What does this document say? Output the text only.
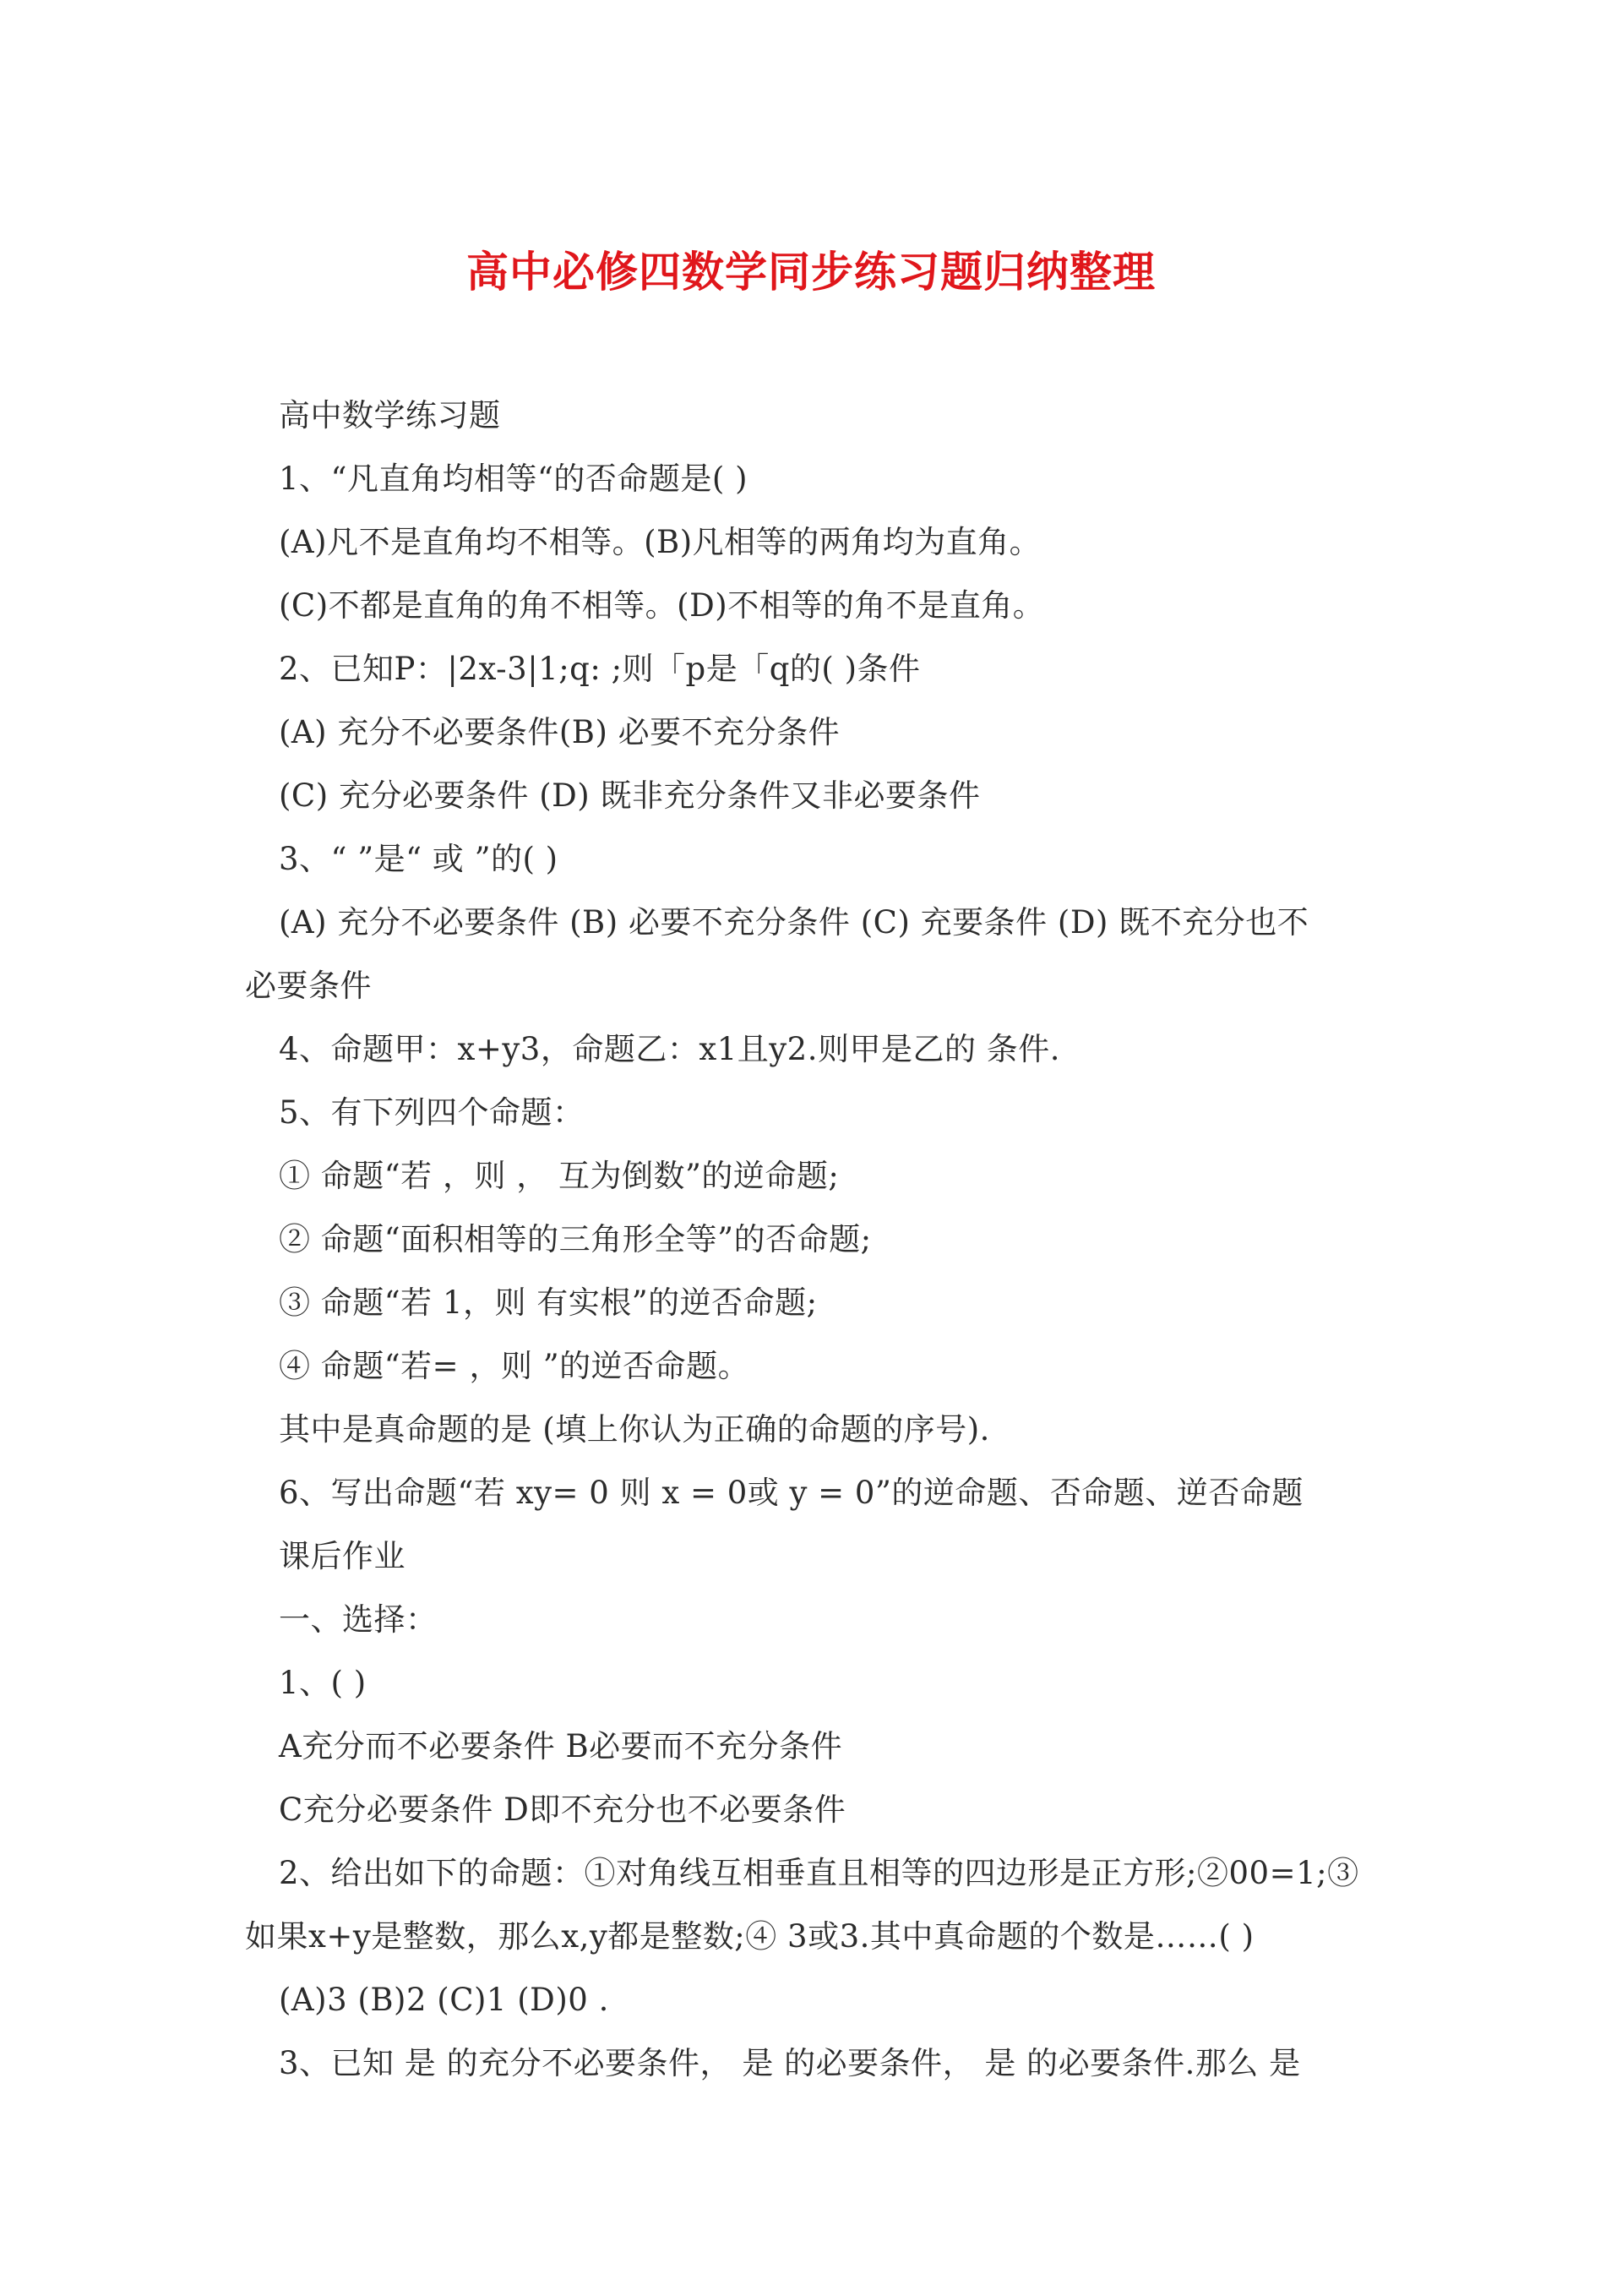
高中必修四数学同步练习题归纳整理
高中数学练习题
1、“凡直角均相等“的否命题是( )
(A)凡不是直角均不相等。(B)凡相等的两角均为直角。
(C)不都是直角的角不相等。(D)不相等的角不是直角。
2、已知P：|2x-3|1;q: ;则「p是「q的( )条件
(A) 充分不必要条件(B) 必要不充分条件
(C) 充分必要条件 (D) 既非充分条件又非必要条件
3、“ ”是“ 或 ”的( )
(A) 充分不必要条件 (B) 必要不充分条件 (C) 充要条件 (D) 既不充分也不
必要条件
4、命题甲：x+y3，命题乙：x1且y2.则甲是乙的 条件.
5、有下列四个命题：
① 命题“若 ，则 ， 互为倒数”的逆命题;
② 命题“面积相等的三角形全等”的否命题;
③ 命题“若 1，则 有实根”的逆否命题;
④ 命题“若= ，则 ”的逆否命题。
其中是真命题的是 (填上你认为正确的命题的序号).
6、写出命题“若 xy= 0 则 x = 0或 y = 0”的逆命题、否命题、逆否命题
课后作业
一、选择：
1、( )
A充分而不必要条件 B必要而不充分条件
C充分必要条件 D即不充分也不必要条件
2、给出如下的命题：①对角线互相垂直且相等的四边形是正方形;②00=1;③
如果x+y是整数，那么x,y都是整数;④ 3或3.其中真命题的个数是……( )
(A)3 (B)2 (C)1 (D)0 .
3、已知 是 的充分不必要条件， 是 的必要条件， 是 的必要条件.那么 是
